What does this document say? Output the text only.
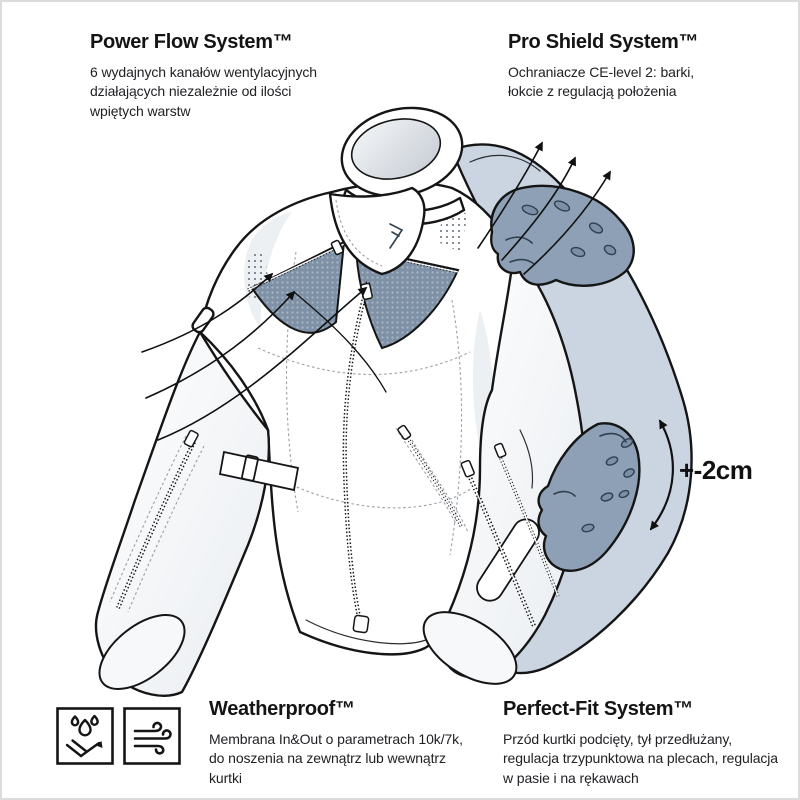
Power Flow System™

6 wydajnych kanałów wentylacyjnych działających niezależnie od ilości wpiętych warstw

Pro Shield System™

Ochraniacze CE-level 2: barki, łokcie z regulacją położenia

Weatherproof™

Membrana In&Out o parametrach 10k/7k, do noszenia na zewnątrz lub wewnątrz kurtki

Perfect-Fit System™

Przód kurtki podcięty, tył przedłużany, regulacja trzypunktowa na plecach, regulacja w pasie i na rękawach

+-2cm
